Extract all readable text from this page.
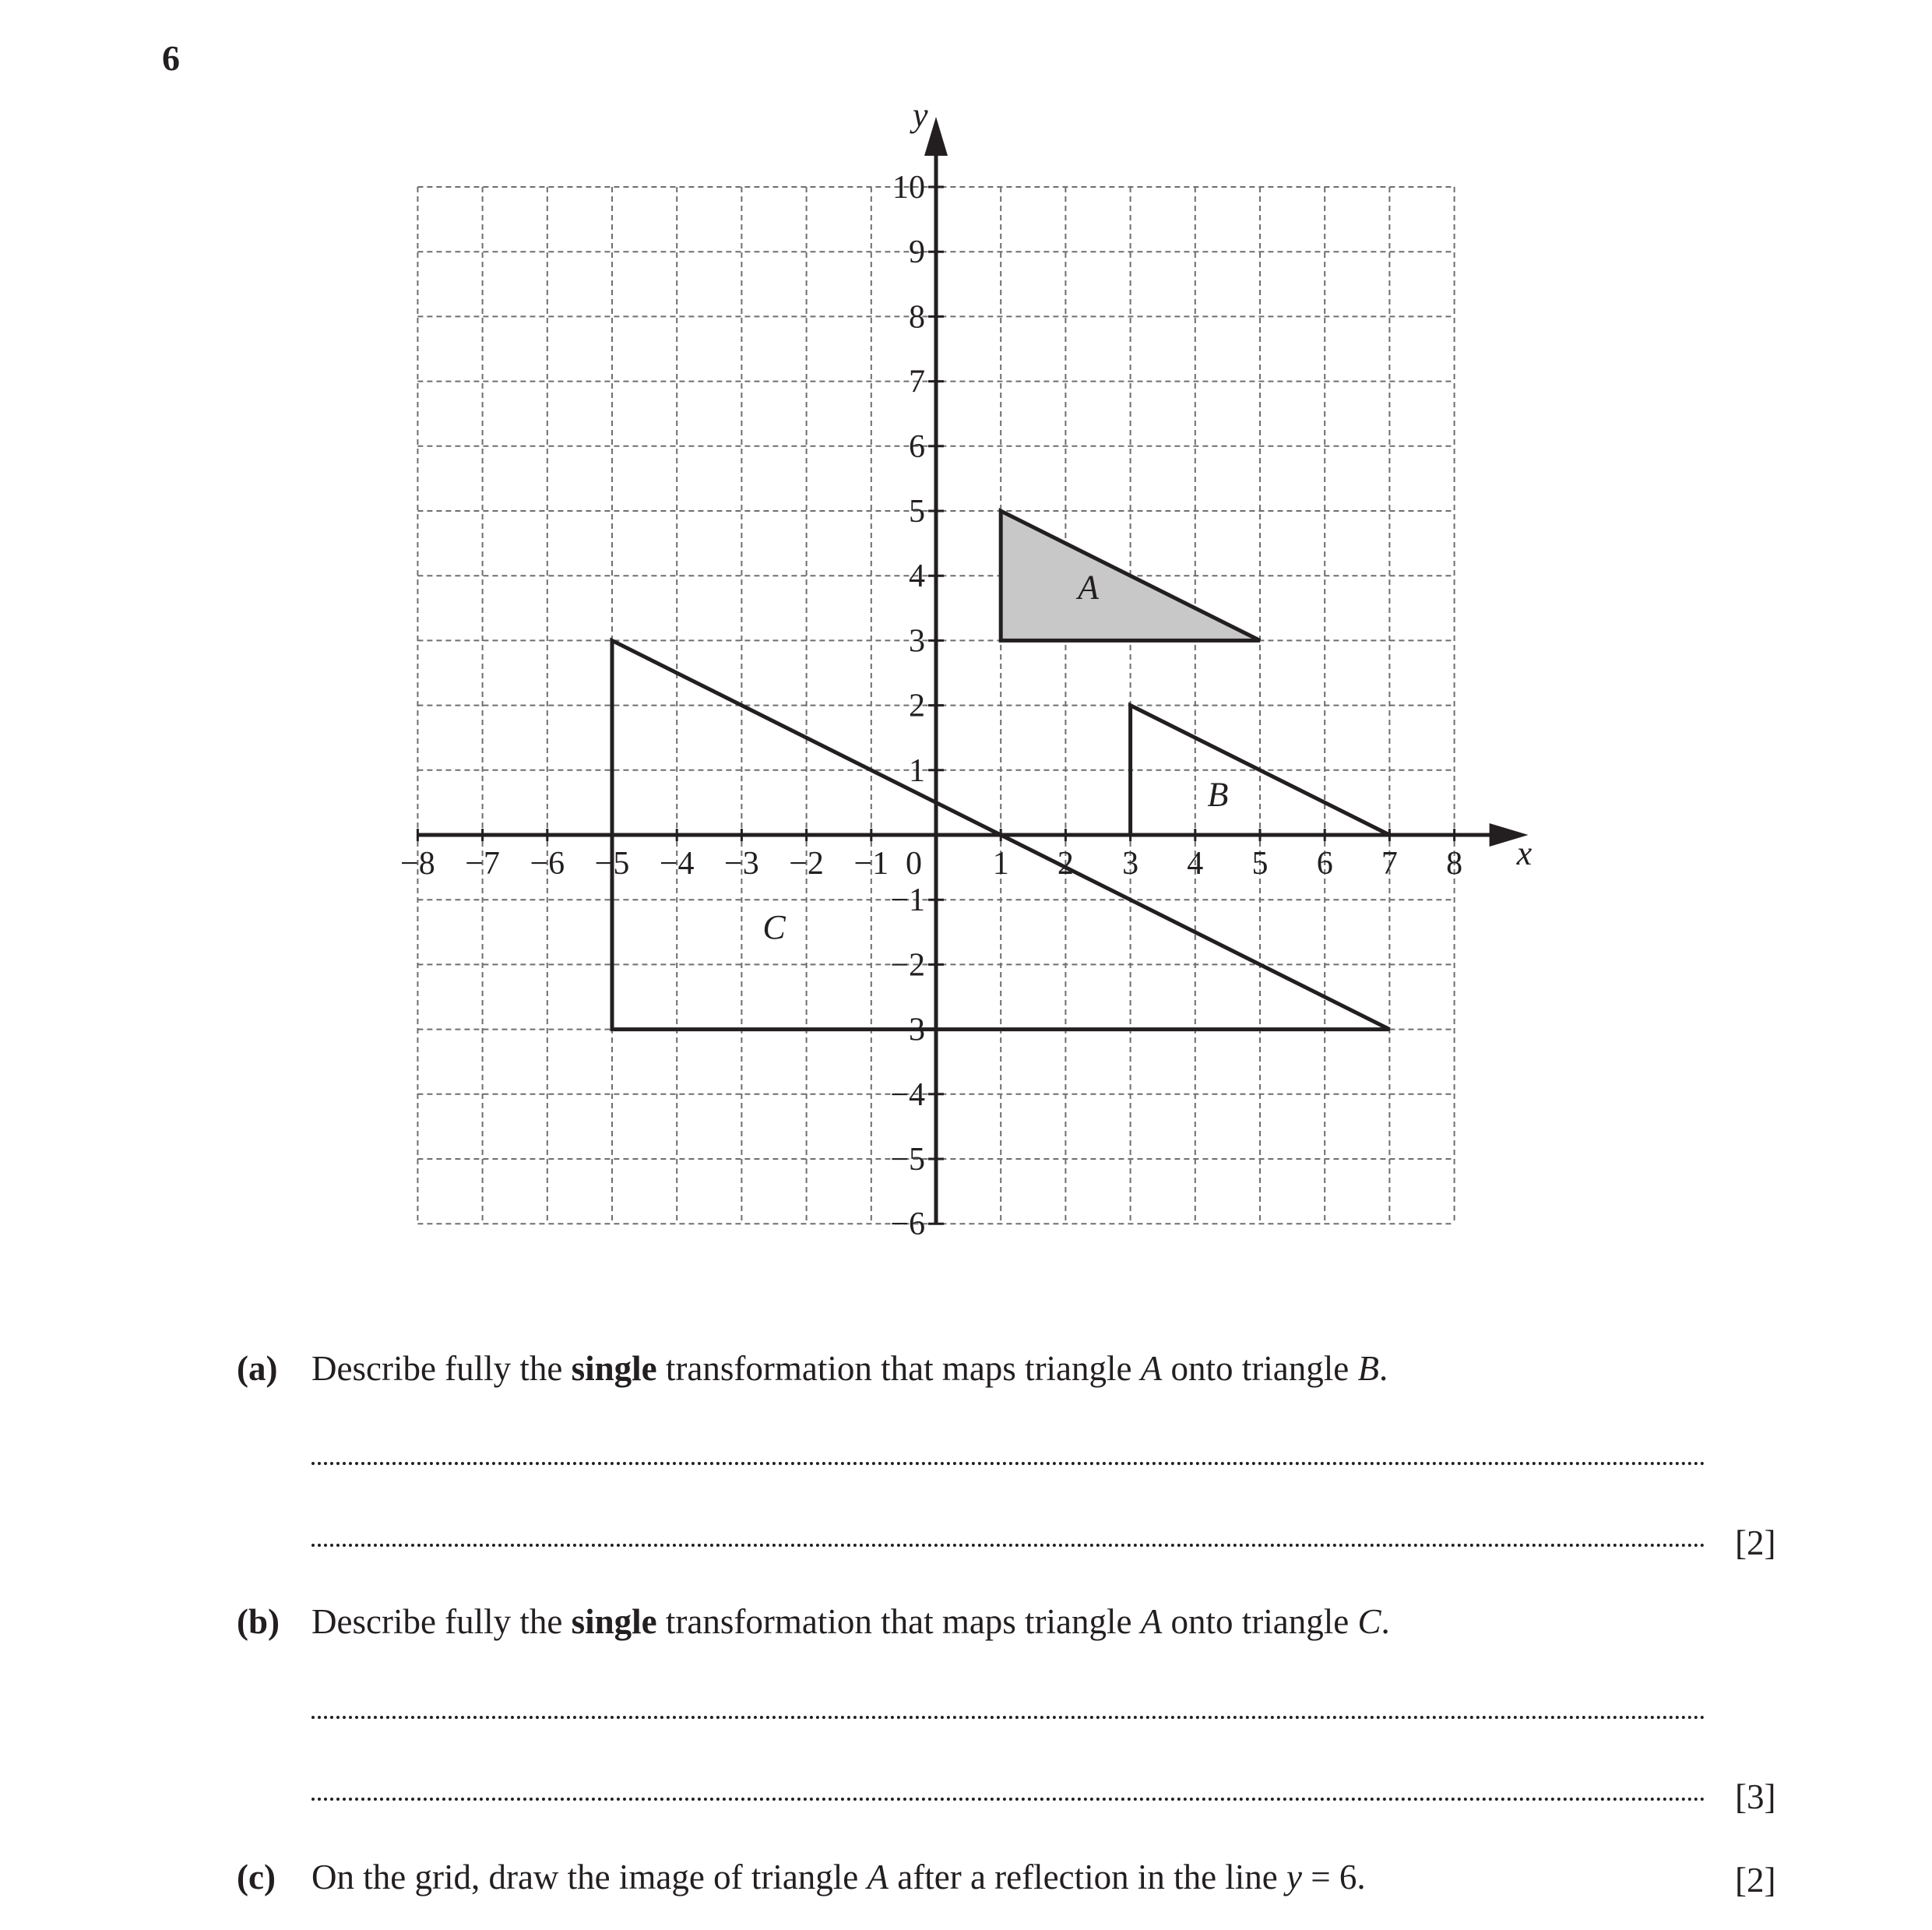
6
−8 −7 −6 −5 −4 −3 −2 −1	1 2 3 4 5 6 7 8
−6
−5
−4
−3
−2
−1
1
2
3
4
5
6
7
8
9
10
0	x
y
A
B
C
(a) Describe fully the single transformation that maps triangle A onto triangle B.
[2]
(b) Describe fully the single transformation that maps triangle A onto triangle C.
[3]
(c) On the grid, draw the image of triangle A after a reflection in the line y = 6.	[2]
